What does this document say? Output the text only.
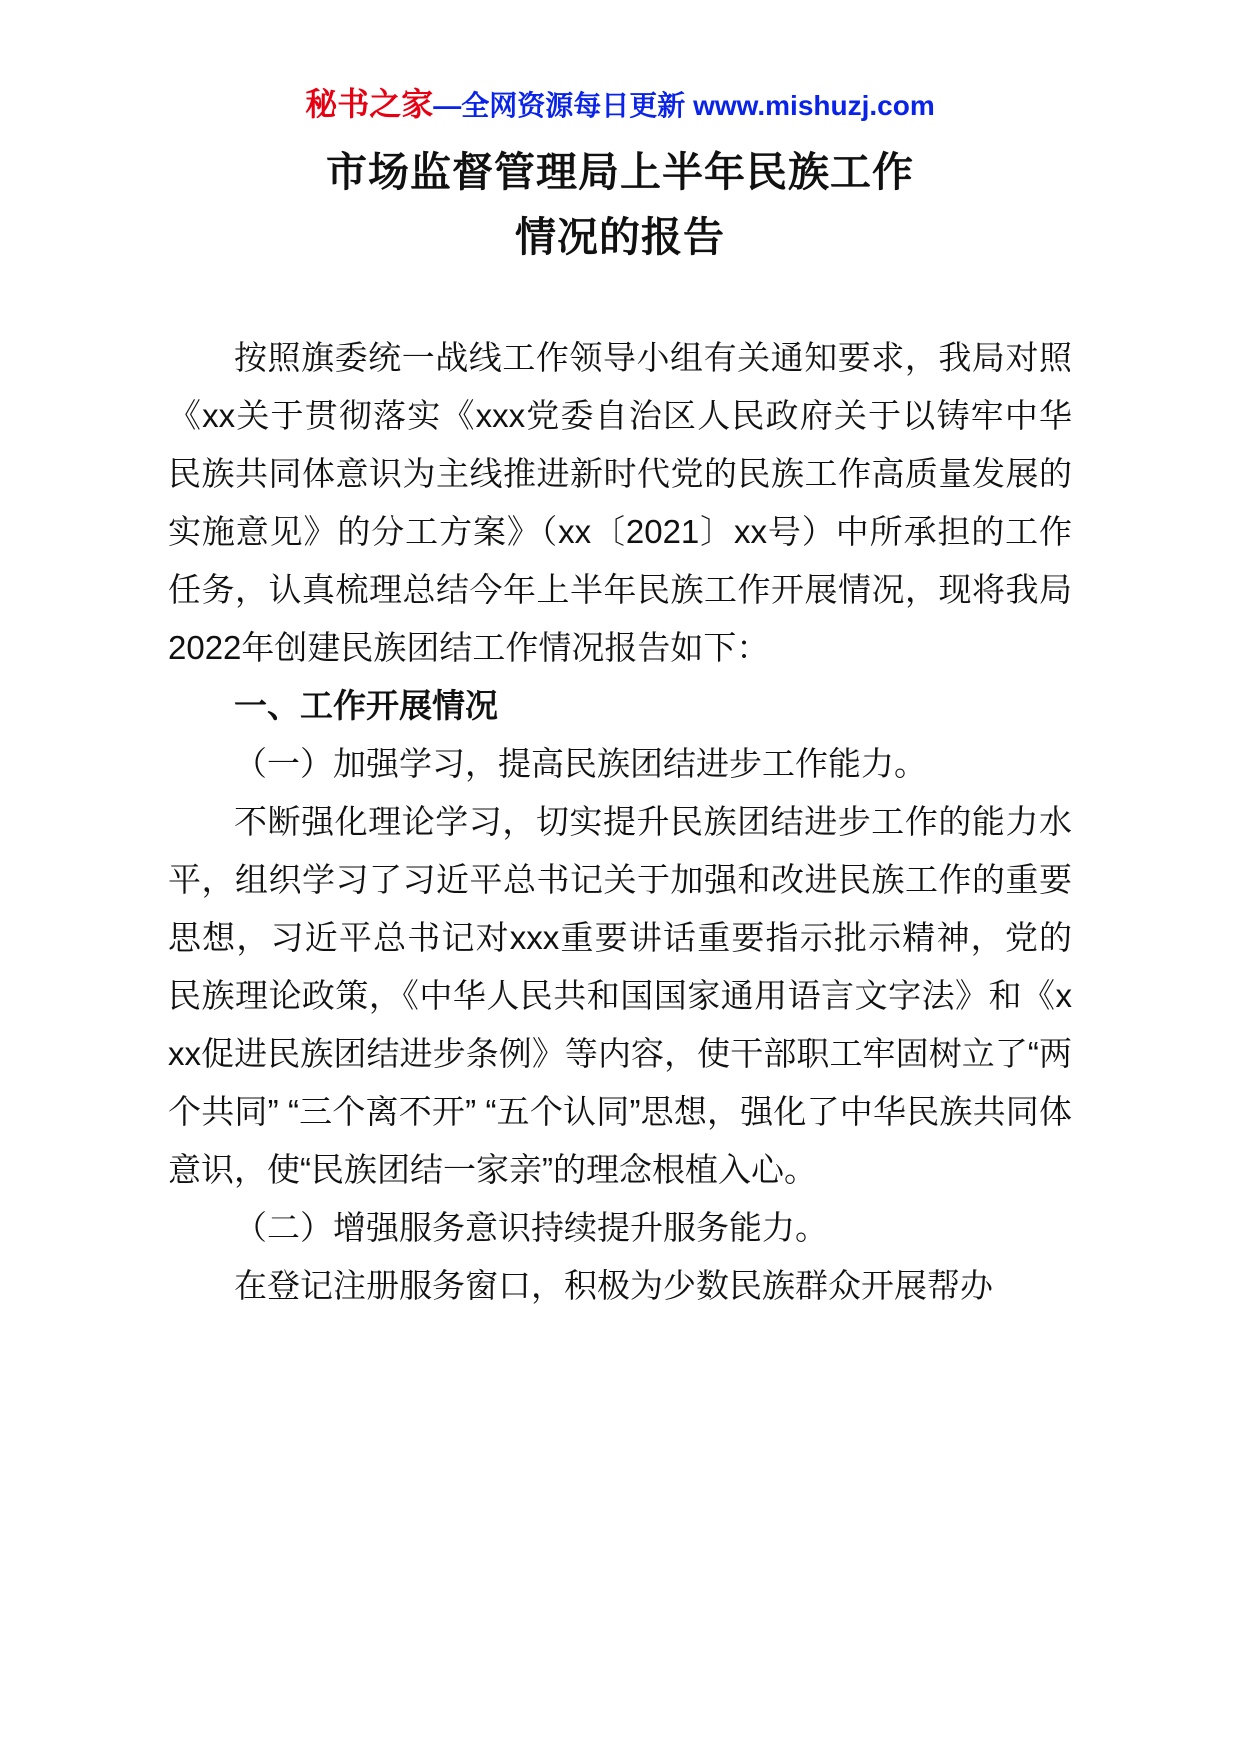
秘书之家—全网资源每日更新 www.mishuzj.com
市场监督管理局上半年民族工作
情况的报告

按照旗委统一战线工作领导小组有关通知要求，我局对照《xx关于贯彻落实《xxx党委自治区人民政府关于以铸牢中华民族共同体意识为主线推进新时代党的民族工作高质量发展的实施意见》的分工方案》（xx〔2021〕xx号）中所承担的工作任务，认真梳理总结今年上半年民族工作开展情况，现将我局2022年创建民族团结工作情况报告如下：

一、工作开展情况

（一）加强学习，提高民族团结进步工作能力。

不断强化理论学习，切实提升民族团结进步工作的能力水平，组织学习了习近平总书记关于加强和改进民族工作的重要思想，习近平总书记对xxx重要讲话重要指示批示精神，党的民族理论政策，《中华人民共和国国家通用语言文字法》和《xxx促进民族团结进步条例》等内容，使干部职工牢固树立了“两个共同” “三个离不开” “五个认同”思想，强化了中华民族共同体意识，使“民族团结一家亲”的理念根植入心。

（二）增强服务意识持续提升服务能力。

在登记注册服务窗口，积极为少数民族群众开展帮办
